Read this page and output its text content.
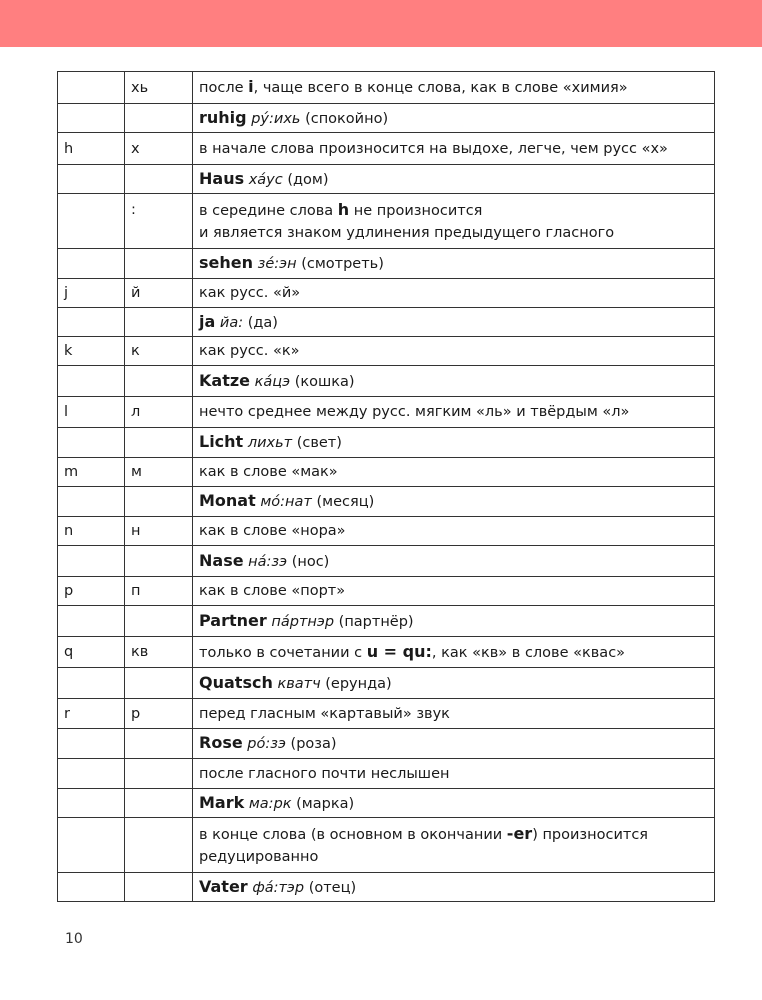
	хь	после i, чаще всего в конце слова, как в слове «химия»
		ruhig ру́:ихь (спокойно)
h	х	в начале слова произносится на выдохе, легче, чем русс «х»
		Haus ха́ус (дом)
	:	в середине слова h не произносится
и является знаком удлинения предыдущего гласного
		sehen зе́:эн (смотреть)
j	й	как русс. «й»
		ja йа: (да)
k	к	как русс. «к»
		Katze ка́цэ (кошка)
l	л	нечто среднее между русс. мягким «ль» и твёрдым «л»
		Licht лихьт (свет)
m	м	как в слове «мак»
		Monat мо́:нат (месяц)
n	н	как в слове «нора»
		Nase на́:зэ (нос)
p	п	как в слове «порт»
		Partner па́ртнэр (партнёр)
q	кв	только в сочетании с u = qu:, как «кв» в слове «квас»
		Quatsch кватч (ерунда)
r	р	перед гласным «картавый» звук
		Rose ро́:зэ (роза)
		после гласного почти неслышен
		Mark ма:рк (марка)
		в конце слова (в основном в окончании -er) произносится
редуцированно
		Vater фа́:тэр (отец)
10
